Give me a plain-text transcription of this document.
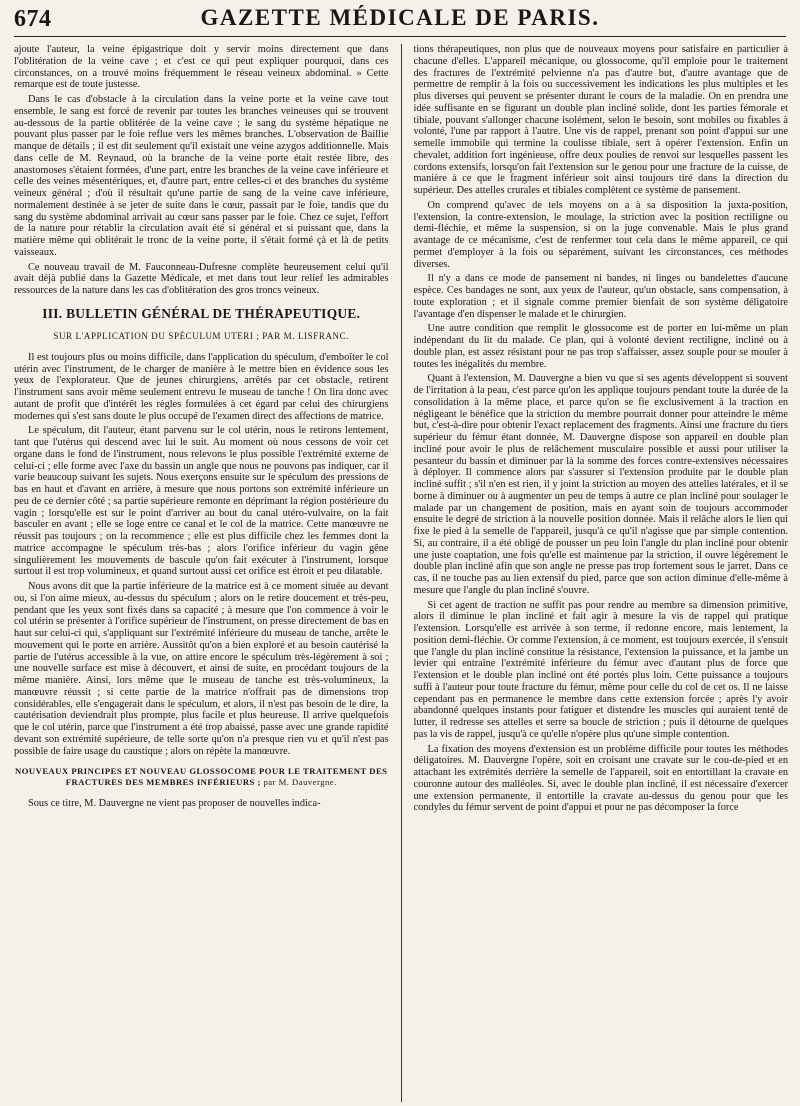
674	GAZETTE MÉDICALE DE PARIS.

ajoute l'auteur, la veine épigastrique doit y servir moins directement que dans l'oblitération de la veine cave ; et c'est ce qui peut expliquer pourquoi, dans ces circonstances, on a trouvé moins fréquemment le réseau veineux abdominal. » Cette remarque est de toute justesse.

Dans le cas d'obstacle à la circulation dans la veine porte et la veine cave tout ensemble, le sang est forcé de revenir par toutes les branches veineuses qui se trouvent au-dessous de la partie oblitérée de la veine cave ; le sang du système hépatique ne pouvant plus passer par le foie reflue vers les mêmes branches. L'observation de Baillie manque de détails ; il est dit seulement qu'il existait une veine azygos additionnelle. Mais dans celle de M. Reynaud, où la branche de la veine porte était restée libre, des anastomoses s'étaient formées, d'une part, entre les branches de la veine cave inférieure et celle des veines mésentériques, et, d'autre part, entre celles-ci et des branches du système veineux général ; d'où il résultait qu'une partie de sang de la veine cave inférieure, normalement destinée à se jeter de suite dans le cœur, passait par le foie, tandis que du sang du système abdominal arrivait au cœur sans passer par le foie. Chez ce sujet, l'effort de la nature pour rétablir la circulation avait été si général et si puissant que, dans la matière même qui oblitérait le tronc de la veine porte, il s'était formé çà et là de petits vaisseaux.

Ce nouveau travail de M. Fauconneau-Dufresne complète heureusement celui qu'il avait déjà publié dans la Gazette Médicale, et met dans tout leur relief les admirables ressources de la nature dans les cas d'oblitération des gros troncs veineux.

III. BULLETIN GÉNÉRAL DE THÉRAPEUTIQUE.
SUR L'APPLICATION DU SPÉCULUM UTERI ; PAR M. LISFRANC.

Il est toujours plus ou moins difficile, dans l'application du spéculum, d'emboîter le col utérin avec l'instrument, de le charger de manière à le mettre bien en évidence sous les yeux de l'explorateur. Que de jeunes chirurgiens, arrêtés par cet obstacle, retirent l'instrument sans avoir même seulement entrevu le museau de tanche ! On lira donc avec autant de profit que d'intérêt les règles formulées à cet égard par celui des chirurgiens modernes qui s'est sans doute le plus occupé de l'examen direct des affections de matrice.

Le spéculum, dit l'auteur, étant parvenu sur le col utérin, nous le retirons lentement, tant que l'utérus qui descend avec lui le suit. Au moment où nous cessons de voir cet organe dans le fond de l'instrument, nous relevons le plus possible l'extrémité externe de celui-ci ; elle forme avec l'axe du bassin un angle que nous ne pouvons pas indiquer, car il varie beaucoup suivant les sujets. Nous exerçons ensuite sur le spéculum des pressions de bas en haut et d'avant en arrière, à mesure que nous portons son extrémité inférieure un peu de ce dernier côté ; sa partie supérieure remonte en déprimant la région postérieure du vagin ; lorsqu'elle est sur le point d'arriver au bout du canal utéro-vulvaire, on la fait basculer en avant ; elle se loge entre ce canal et le col de la matrice. Cette manœuvre ne réussit pas toujours ; on la recommence ; elle est plus difficile chez les femmes dont la matrice accompagne le spéculum très-bas ; alors l'orifice inférieur du vagin gêne singulièrement les mouvements de bascule qu'on fait exécuter à l'instrument, lorsque surtout il est trop volumineux, et quand surtout aussi cet orifice est étroit et peu dilatable.

Nous avons dit que la partie inférieure de la matrice est à ce moment située au devant ou, si l'on aime mieux, au-dessus du spéculum ; alors on le retire doucement et très-peu, pendant que les yeux sont fixés dans sa capacité ; à mesure que l'on commence à voir le col utérin se présenter à l'orifice supérieur de l'instrument, on presse directement de bas en haut sur celui-ci qui, s'appliquant sur l'extrémité inférieure du museau de tanche, arrête le mouvement qui le porte en arrière. Aussitôt qu'on a bien exploré et au besoin cautérisé la partie de l'utérus accessible à la vue, on attire encore le spéculum très-légèrement à soi ; une nouvelle surface est mise à découvert, et ainsi de suite, en procédant toujours de la même manière. Ainsi, lors même que le museau de tanche est très-volumineux, la manœuvre réussit ; si cette partie de la matrice n'offrait pas de dimensions trop considérables, elle s'engagerait dans le spéculum, et alors, il n'est pas besoin de le dire, la cautérisation deviendrait plus prompte, plus facile et plus heureuse. Il arrive quelquefois que le col utérin, parce que l'instrument a été trop abaissé, passe avec une grande rapidité devant son extrémité supérieure, de telle sorte qu'on n'a presque rien vu et qu'il n'est pas possible de faire usage du caustique ; alors on répète la manœuvre.

NOUVEAUX PRINCIPES ET NOUVEAU GLOSSOCOME POUR LE TRAITEMENT DES FRACTURES DES MEMBRES INFÉRIEURS ; par M. Dauvergne.

Sous ce titre, M. Dauvergne ne vient pas proposer de nouvelles indica-

tions thérapeutiques, non plus que de nouveaux moyens pour satisfaire en particulier à chacune d'elles. L'appareil mécanique, ou glossocome, qu'il emploie pour le traitement des fractures de l'extrémité pelvienne n'a pas d'autre but, d'autre avantage que de permettre de remplir à la fois ou successivement les indications les plus multiples et les plus diverses qui peuvent se présenter durant le cours de la maladie. On en prendra une idée suffisante en se figurant un double plan incliné solide, dont les parties fémorale et tibiale, pouvant s'allonger chacune isolément, selon le besoin, sont mobiles ou fixables à volonté, l'une par rapport à l'autre. Une vis de rappel, prenant son point d'appui sur une semelle immobile qui termine la coulisse tibiale, sert à opérer l'extension. Enfin un chevalet, addition fort ingénieuse, offre deux poulies de renvoi sur lesquelles passent les cordons extensifs, lorsqu'on fait l'extension sur le genou pour une fracture de la cuisse, de manière à ce que le fragment inférieur soit ainsi toujours tiré dans la direction du supérieur. Des attelles crurales et tibiales complètent ce système de pansement.

On comprend qu'avec de tels moyens on a à sa disposition la juxta-position, l'extension, la contre-extension, le moulage, la striction avec la position rectiligne ou demi-fléchie, et même la suspension, si on la juge convenable. Mais le plus grand avantage de ce mécanisme, c'est de renfermer tout cela dans le même appareil, ce qui permet d'employer à la fois ou séparément, suivant les circonstances, ces méthodes diverses.

Il n'y a dans ce mode de pansement ni bandes, ni linges ou bandelettes d'aucune espèce. Ces bandages ne sont, aux yeux de l'auteur, qu'un obstacle, sans compensation, à toute exploration ; et il signale comme premier bienfait de son système déligatoire l'avantage d'en dispenser le malade et le chirurgien.

Une autre condition que remplit le glossocome est de porter en lui-même un plan indépendant du lit du malade. Ce plan, qui à volonté devient rectiligne, incliné ou à double plan, est assez résistant pour ne pas trop s'affaisser, assez souple pour se mouler à toutes les inégalités du membre.

Quant à l'extension, M. Dauvergne a bien vu que si ses agents développent si souvent de l'irritation à la peau, c'est parce qu'on les applique toujours pendant toute la durée de la consolidation à la même place, et parce qu'on se fie exclusivement à la traction en négligeant le bénéfice que la striction du membre pourrait donner pour atteindre le même but, c'est-à-dire pour obtenir l'exact replacement des fragments. Ainsi une fracture du tiers supérieur du fémur étant donnée, M. Dauvergne dispose son appareil en double plan incliné pour avoir le plus de relâchement musculaire possible et aussi pour utiliser la pesanteur du bassin et diminuer par là la somme des forces contre-extensives nécessaires à déployer. Il commence alors par s'assurer si l'extension produite par le double plan incliné suffit ; s'il n'en est rien, il y joint la striction au moyen des attelles latérales, et il se borne à diminuer ou à augmenter un peu de temps à autre ce plan incliné pour soulager le malade par un changement de position, mais en ayant soin de toujours accommoder ensuite le degré de striction à la nouvelle position donnée. Mais il relâche alors le lien qui fixe le pied à la semelle de l'appareil, jusqu'à ce qu'il n'agisse que par simple contention. Si, au contraire, il a été obligé de pousser un peu loin l'angle du plan incliné pour obtenir une juste coaptation, une fois qu'elle est maintenue par la striction, il ouvre légèrement le double plan incliné afin que son angle ne presse pas trop fortement sous le jarret. Dans ce cas, il ne touche pas au lien extensif du pied, parce que son action diminue d'elle-même à mesure que l'angle du plan incliné s'ouvre.

Si cet agent de traction ne suffit pas pour rendre au membre sa dimension primitive, alors il diminue le plan incliné et fait agir à mesure la vis de rappel qui pratique l'extension. Lorsqu'elle est arrivée à son terme, il redonne encore, mais lentement, la position demi-fléchie. Or comme l'extension, à ce moment, est toujours exercée, il s'ensuit que l'angle du plan incliné constitue la résistance, l'extension la puissance, et la jambe un levier qui entraîne l'extrémité inférieure du fémur avec d'autant plus de force que l'extension et le double plan incliné ont été portés plus loin. Cette puissance a toujours suffi à l'auteur pour toute fracture du fémur, même pour celle du col de cet os. Il ne laisse cependant pas en permanence le membre dans cette extension forcée ; après l'y avoir abandonné quelques instants pour fatiguer et distendre les muscles qui auraient tenté de lutter, il redresse ses attelles et serre sa boucle de striction ; puis il détourne de quelques pas la vis de rappel, jusqu'à ce qu'elle n'opère plus qu'une simple contention.

La fixation des moyens d'extension est un problème difficile pour toutes les méthodes déligatoires. M. Dauvergne l'opère, soit en croisant une cravate sur le cou-de-pied et en attachant les extrémités derrière la semelle de l'appareil, soit en entortillant la cravate en couronne autour des malléoles. Si, avec le double plan incliné, il est nécessaire d'exercer une extension permanente, il entortille la cravate au-dessus du genou pour que les condyles du fémur servent de point d'appui et pour ne pas décomposer la force
